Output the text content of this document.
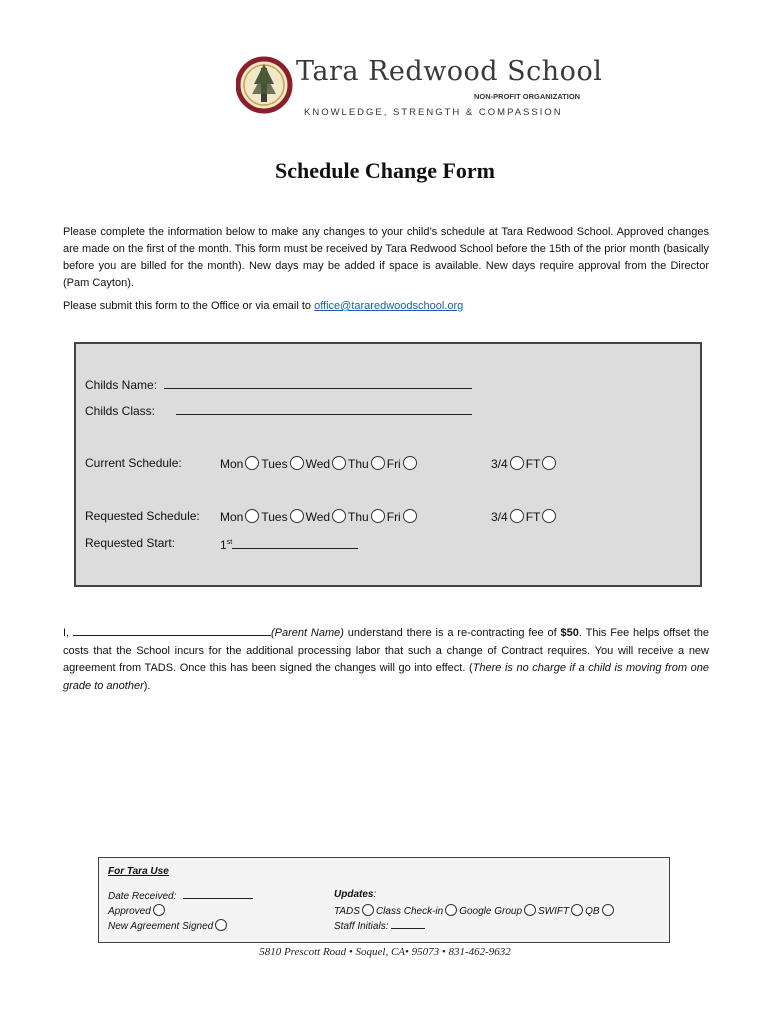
Tara Redwood School
NON-PROFIT ORGANIZATION
KNOWLEDGE, STRENGTH & COMPASSION
Schedule Change Form
Please complete the information below to make any changes to your child’s schedule at Tara Redwood School. Approved changes are made on the first of the month. This form must be received by Tara Redwood School before the 15th of the prior month (basically before you are billed for the month). New days may be added if space is available. New days require approval from the Director (Pam Cayton).
Please submit this form to the Office or via email to office@tararedwoodschool.org
Childs Name:
Childs Class:
Current Schedule:	Mon Tues Wed Thu Fri	3/4 FT
Requested Schedule: Mon Tues Wed Thu Fri	3/4 FT
Requested Start:	1st
I,	(Parent Name) understand there is a re-contracting fee of $50. This Fee helps offset the costs that the School incurs for the additional processing labor that such a change of Contract requires. You will receive a new agreement from TADS. Once this has been signed the changes will go into effect. (There is no charge if a child is moving from one grade to another).
For Tara Use
Date Received:
Approved
New Agreement Signed
Updates:
TADS Class Check-in Google Group SWIFT QB
Staff Initials:
5810 Prescott Road • Soquel, CA• 95073 • 831-462-9632
